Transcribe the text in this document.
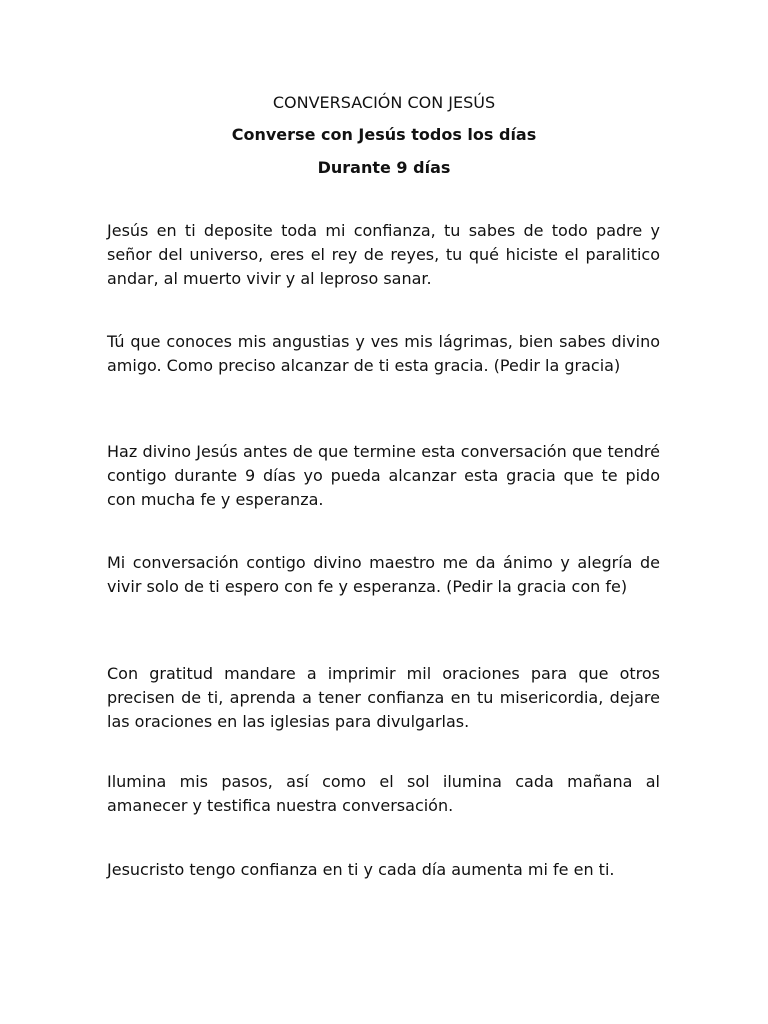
CONVERSACIÓN CON JESÚS
Converse con Jesús todos los días
Durante 9 días

Jesús en ti deposite toda mi confianza, tu sabes de todo padre y señor del universo, eres el rey de reyes, tu qué hiciste el paralitico andar, al muerto vivir y al leproso sanar.

Tú que conoces mis angustias y ves mis lágrimas, bien sabes divino amigo. Como preciso alcanzar de ti esta gracia. (Pedir la gracia)

Haz divino Jesús antes de que termine esta conversación que tendré contigo durante 9 días yo pueda alcanzar esta gracia que te pido con mucha fe y esperanza.

Mi conversación contigo divino maestro me da ánimo y alegría de vivir solo de ti espero con fe y esperanza. (Pedir la gracia con fe)

Con gratitud mandare a imprimir mil oraciones para que otros precisen de ti, aprenda a tener confianza en tu misericordia, dejare las oraciones en las iglesias para divulgarlas.

Ilumina mis pasos, así como el sol ilumina cada mañana al amanecer y testifica nuestra conversación.

Jesucristo tengo confianza en ti y cada día aumenta mi fe en ti.
